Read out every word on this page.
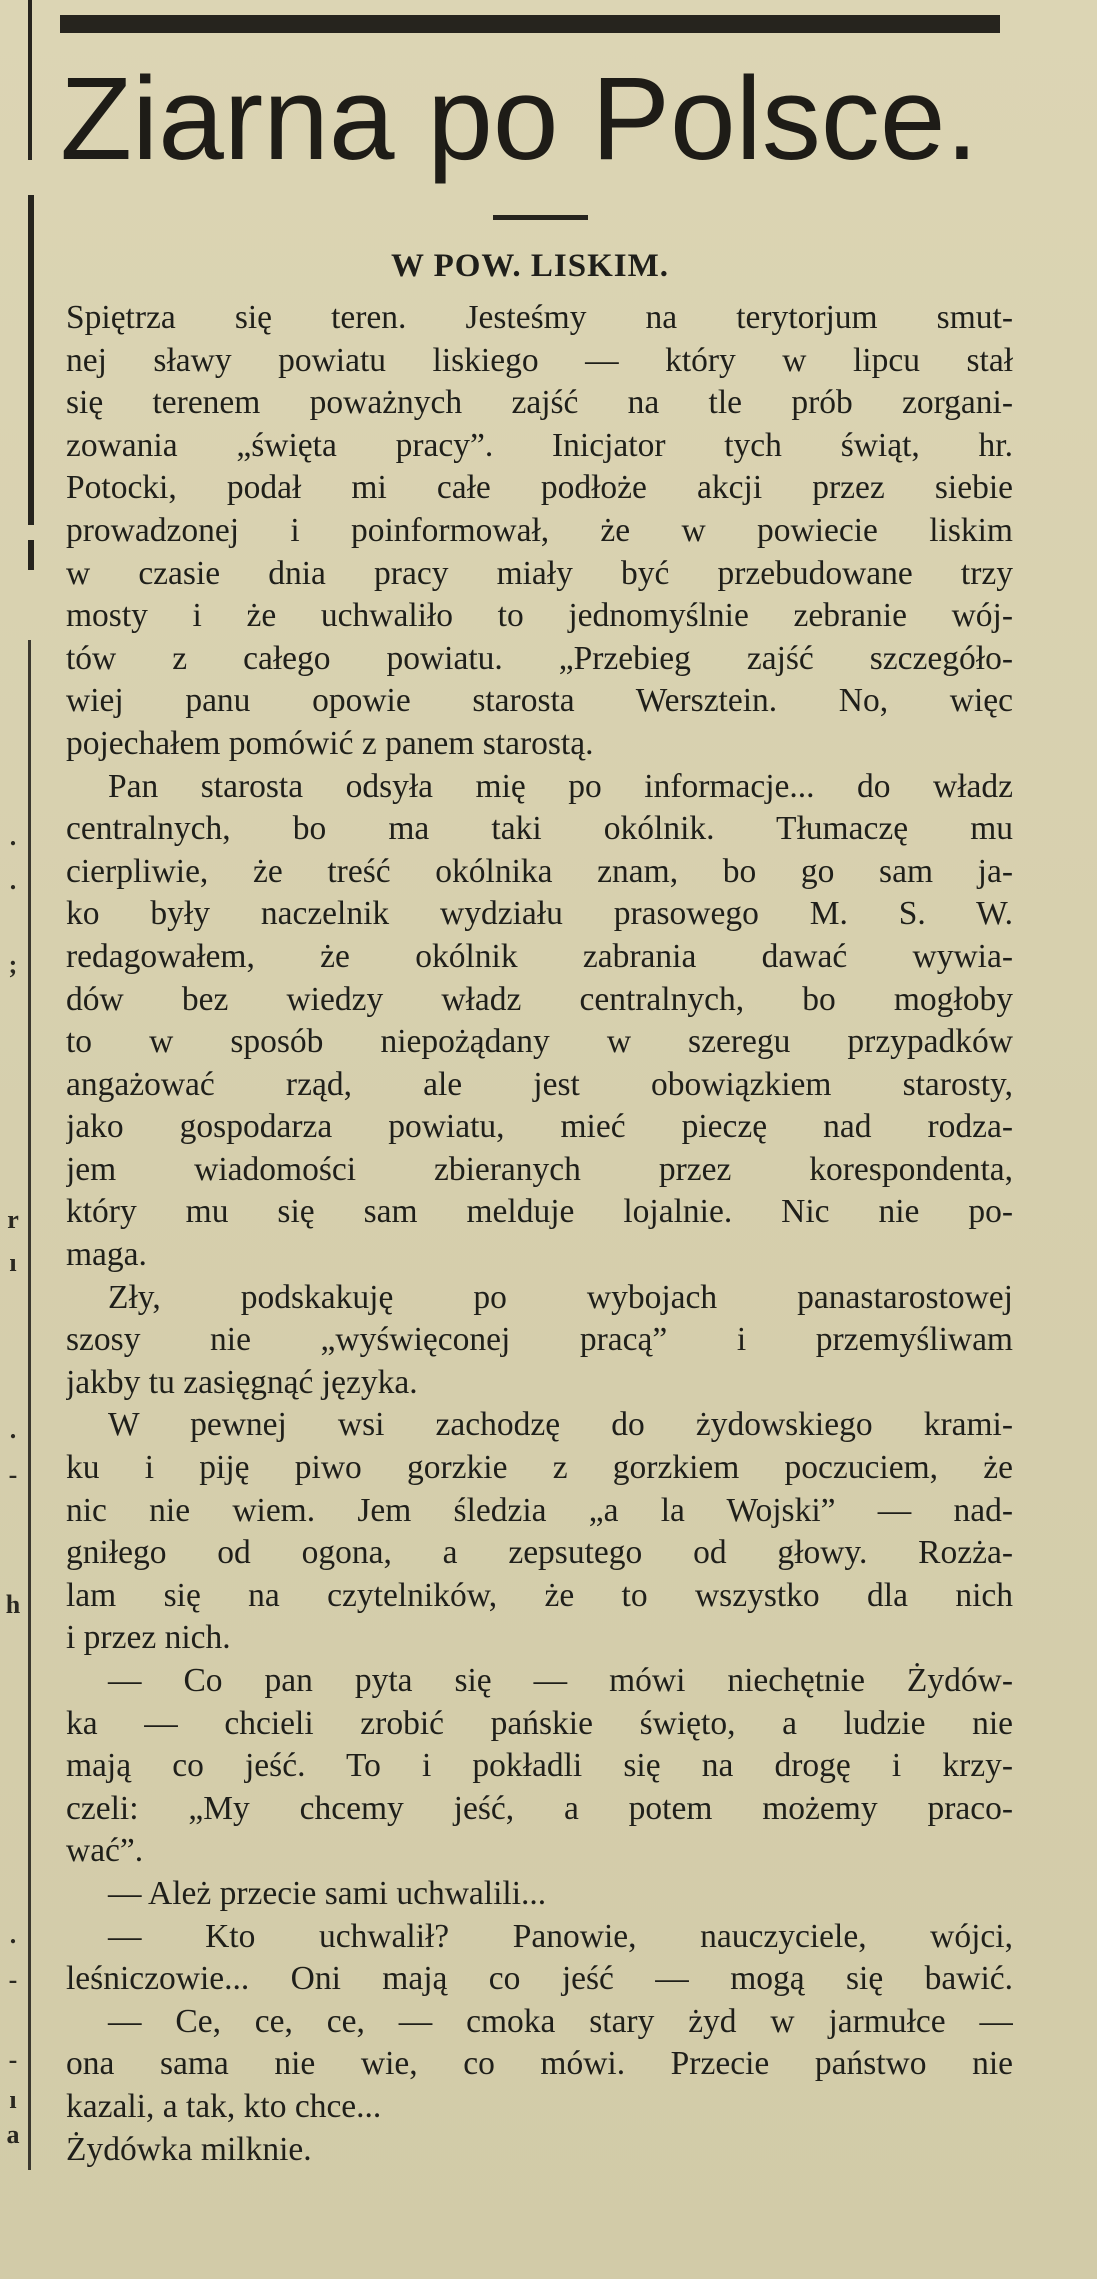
.
.
;
r
ı
.
-
h
.
-
-
ı
a
Ziarna po Polsce.
W POW. LISKIM.
Spiętrza się teren. Jesteśmy na terytorjum smut-
nej sławy powiatu liskiego — który w lipcu stał
się terenem poważnych zajść na tle prób zorgani-
zowania „święta pracy”. Inicjator tych świąt, hr.
Potocki, podał mi całe podłoże akcji przez siebie
prowadzonej i poinformował, że w powiecie liskim
w czasie dnia pracy miały być przebudowane trzy
mosty i że uchwaliło to jednomyślnie zebranie wój-
tów z całego powiatu. „Przebieg zajść szczegóło-
wiej panu opowie starosta Wersztein. No, więc
pojechałem pomówić z panem starostą.
Pan starosta odsyła mię po informacje... do władz
centralnych, bo ma taki okólnik. Tłumaczę mu
cierpliwie, że treść okólnika znam, bo go sam ja-
ko były naczelnik wydziału prasowego M. S. W.
redagowałem, że okólnik zabrania dawać wywia-
dów bez wiedzy władz centralnych, bo mogłoby
to w sposób niepożądany w szeregu przypadków
angażować rząd, ale jest obowiązkiem starosty,
jako gospodarza powiatu, mieć pieczę nad rodza-
jem wiadomości zbieranych przez korespondenta,
który mu się sam melduje lojalnie. Nic nie po-
maga.
Zły, podskakuję po wybojach panastarostowej
szosy nie „wyświęconej pracą” i przemyśliwam
jakby tu zasięgnąć języka.
W pewnej wsi zachodzę do żydowskiego krami-
ku i piję piwo gorzkie z gorzkiem poczuciem, że
nic nie wiem. Jem śledzia „a la Wojski” — nad-
gniłego od ogona, a zepsutego od głowy. Rozża-
lam się na czytelników, że to wszystko dla nich
i przez nich.
— Co pan pyta się — mówi niechętnie Żydów-
ka — chcieli zrobić pańskie święto, a ludzie nie
mają co jeść. To i pokładli się na drogę i krzy-
czeli: „My chcemy jeść, a potem możemy praco-
wać”.
— Ależ przecie sami uchwalili...
— Kto uchwalił? Panowie, nauczyciele, wójci,
leśniczowie... Oni mają co jeść — mogą się bawić.
— Ce, ce, ce, — cmoka stary żyd w jarmułce —
ona sama nie wie, co mówi. Przecie państwo nie
kazali, a tak, kto chce...
Żydówka milknie.
